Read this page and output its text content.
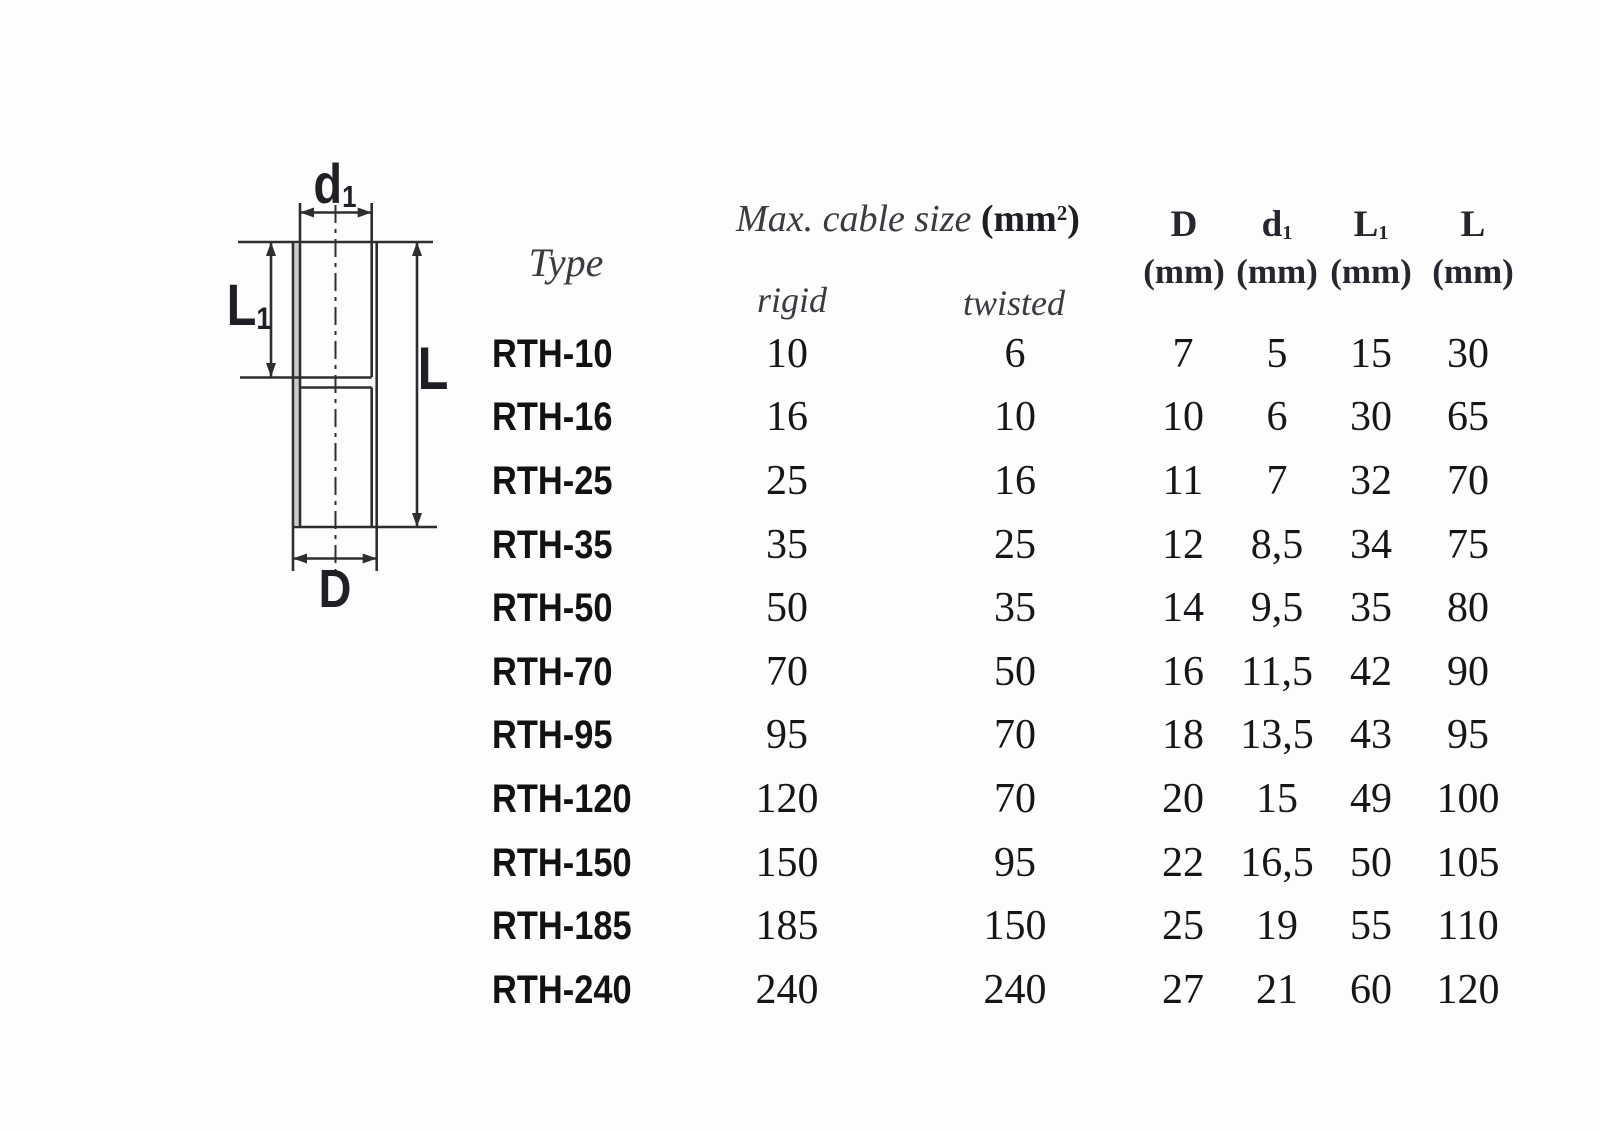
$d_1$
$L_1$
L
D
Type
Max. cable size $(mm^2)$
rigid	twisted
D
(mm)
$d_1$
(mm)
$L_1$
(mm)
L
(mm)
RTH-10	10	6	7	5	15	30
RTH-16	16	10	10	6	30	65
RTH-25	25	16	11	7	32	70
RTH-35	35	25	12	8,5	34	75
RTH-50	50	35	14	9,5	35	80
RTH-70	70	50	16 11,5 42	90
RTH-95	95	70	18 13,5 43	95
RTH-120	120	70	20	15	49	100
RTH-150	150	95	22 16,5 50	105
RTH-185	185	150	25	19	55	110
RTH-240	240	240	27	21	60	120
